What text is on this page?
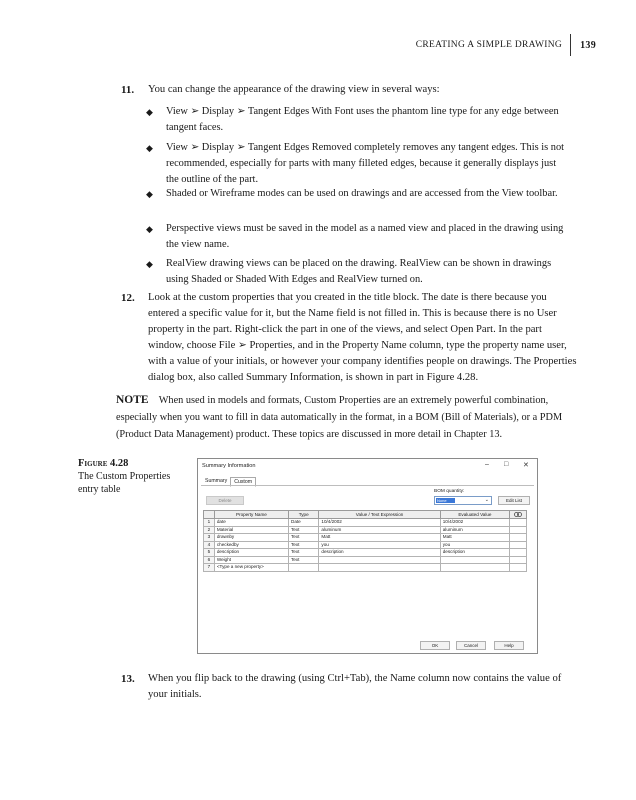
CREATING A SIMPLE DRAWING	139
11. You can change the appearance of the drawing view in several ways:
◆ View ➢ Display ➢ Tangent Edges With Font uses the phantom line type for any edge between tangent faces.
◆ View ➢ Display ➢ Tangent Edges Removed completely removes any tangent edges. This is not recommended, especially for parts with many filleted edges, because it generally displays just the outline of the part.
◆ Shaded or Wireframe modes can be used on drawings and are accessed from the View toolbar.
◆ Perspective views must be saved in the model as a named view and placed in the drawing using the view name.
◆ RealView drawing views can be placed on the drawing. RealView can be shown in drawings using Shaded or Shaded With Edges and RealView turned on.
12. Look at the custom properties that you created in the title block. The date is there because you entered a specific value for it, but the Name field is not filled in. This is because there is no User property in the part. Right-click the part in one of the views, and select Open Part. In the part window, choose File ➢ Properties, and in the Property Name column, type the property name user, with a value of your initials, or however your company identifies people on drawings. The Properties dialog box, also called Summary Information, is shown in part in Figure 4.28.
NOTE When used in models and formats, Custom Properties are an extremely powerful combination, especially when you want to fill in data automatically in the format, in a BOM (Bill of Materials), or a PDM (Product Data Management) product. These topics are discussed in more detail in Chapter 13.
Figure 4.28
The Custom Properties entry table
Summary Information	– □ ✕
Summary	Custom
Delete
BOM quantity:
None	⌄	Edit List
	Property Name	Type	Value / Text Expression	Evaluated Value	
1	date	Date	10/4/2002	10/4/2002	
2	Material	Text	aluminum	aluminum	
3	drawnby	Text	Matt	Matt	
4	checkedby	Text	you	you	
5	description	Text	description	description	
6	Weight	Text			
7	<Type a new property>				
OK	Cancel	Help
13. When you flip back to the drawing (using Ctrl+Tab), the Name column now contains the value of your initials.
